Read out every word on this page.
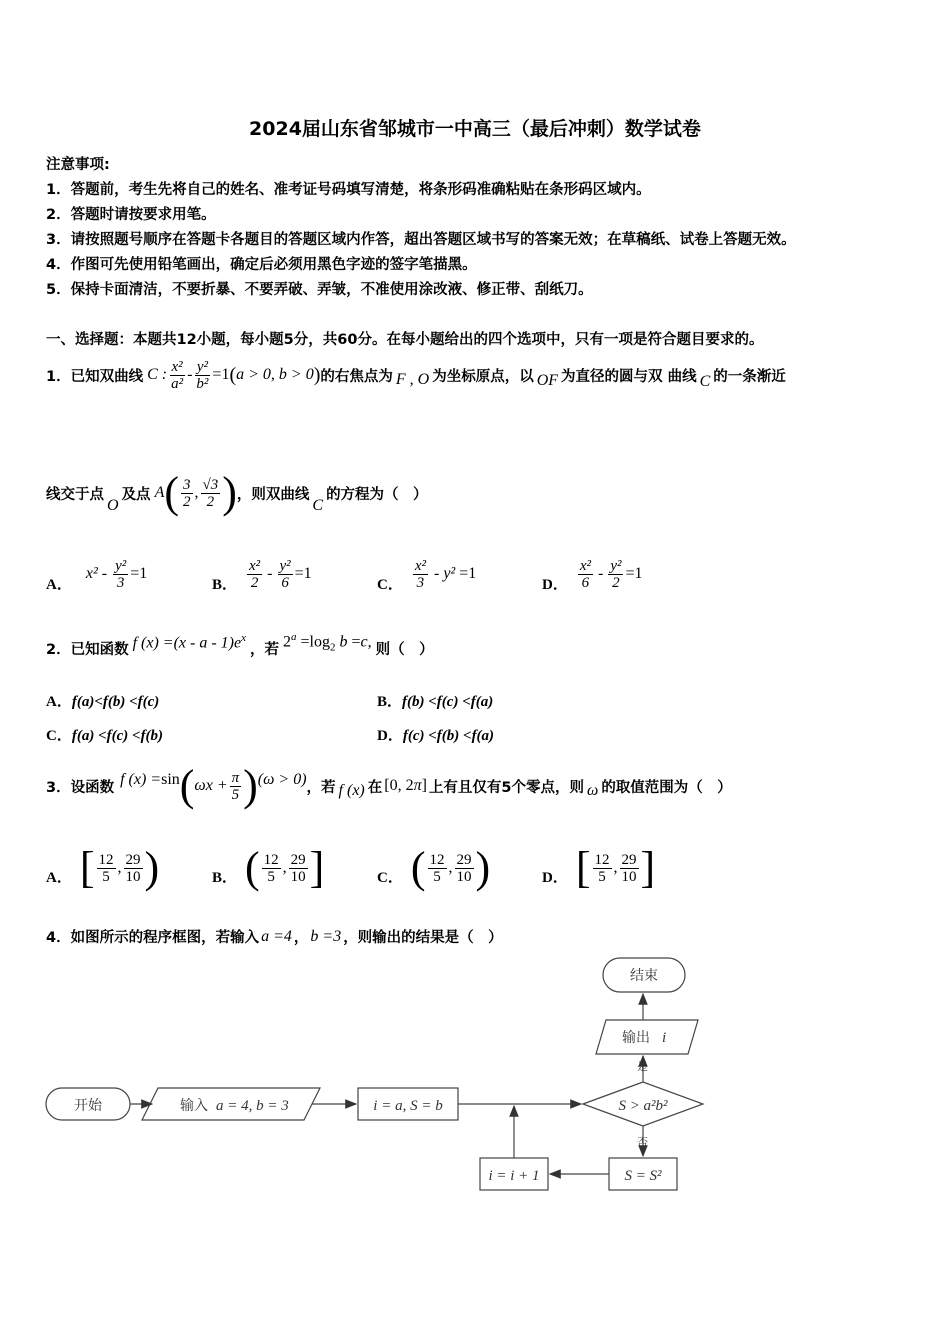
2024届山东省邹城市一中高三（最后冲刺）数学试卷
注意事项:
1．答题前，考生先将自己的姓名、准考证号码填写清楚，将条形码准确粘贴在条形码区域内。
2．答题时请按要求用笔。
3．请按照题号顺序在答题卡各题目的答题区域内作答，超出答题区域书写的答案无效；在草稿纸、试卷上答题无效。
4．作图可先使用铅笔画出，确定后必须用黑色字迹的签字笔描黑。
5．保持卡面清洁，不要折暴、不要弄破、弄皱，不准使用涂改液、修正带、刮纸刀。
一、选择题：本题共12小题，每小题5分，共60分。在每小题给出的四个选项中，只有一项是符合题目要求的。
1．已知双曲线 C : $\frac{\text{x²}}{\text{a²}} - \frac{\text{y²}}{\text{b²}} =1$ ( a > 0, b > 0 ) 的右焦点为 F , O 为坐标原点，以 OF 为直径的圆与双 曲线 C 的一条渐近
线交于点
O
及点 A ( $\frac{3}{2}$ , $\frac{√3}{2}$ ) ，则双曲线
C
的方程为（　）
A．
$x^2 - \frac{\text{y²}}{3} =1$
B． $\frac{\text{x²}}{2} - \frac{\text{y²}}{6} =1$
C． $\frac{\text{x²}}{3} - y^2 =1$
D． $\frac{\text{x²}}{6} - \frac{\text{y²}}{2} =1$
2．已知函数 f $(x) =(x - a - 1)e^x$
，若 $2^a =\log_2$ b =c, 则（　）
A．f(a)<f(b) <f(c)	B．f(b) <f(c) <f(a)
C．f(a) <f(c) <f(b)	D．f(c) <f(b) <f(a)
3．设函数 f (x) = sin ( $\omega x + \frac{\pi}{5}$ ) (ω > 0) ，若 f (x) 在 [0, 2π] 上有且仅有5个零点，则 ω 的取值范围为（　）
A． [ $\frac{12}{5}$ , $\frac{29}{10}$ )	B． ( $\frac{12}{5}$ , $\frac{29}{10}$ ]	C． ( $\frac{12}{5}$ , $\frac{29}{10}$ )	D． [ $\frac{12}{5}$ , $\frac{29}{10}$ ]
4．如图所示的程序框图，若输入 a =4 ， b =3 ，则输出的结果是（　）
开始	输入 a = 4, b = 3	i = a, S = b	S > a²b²
是
否
输出 i
结束
S = S²
i = i + 1
